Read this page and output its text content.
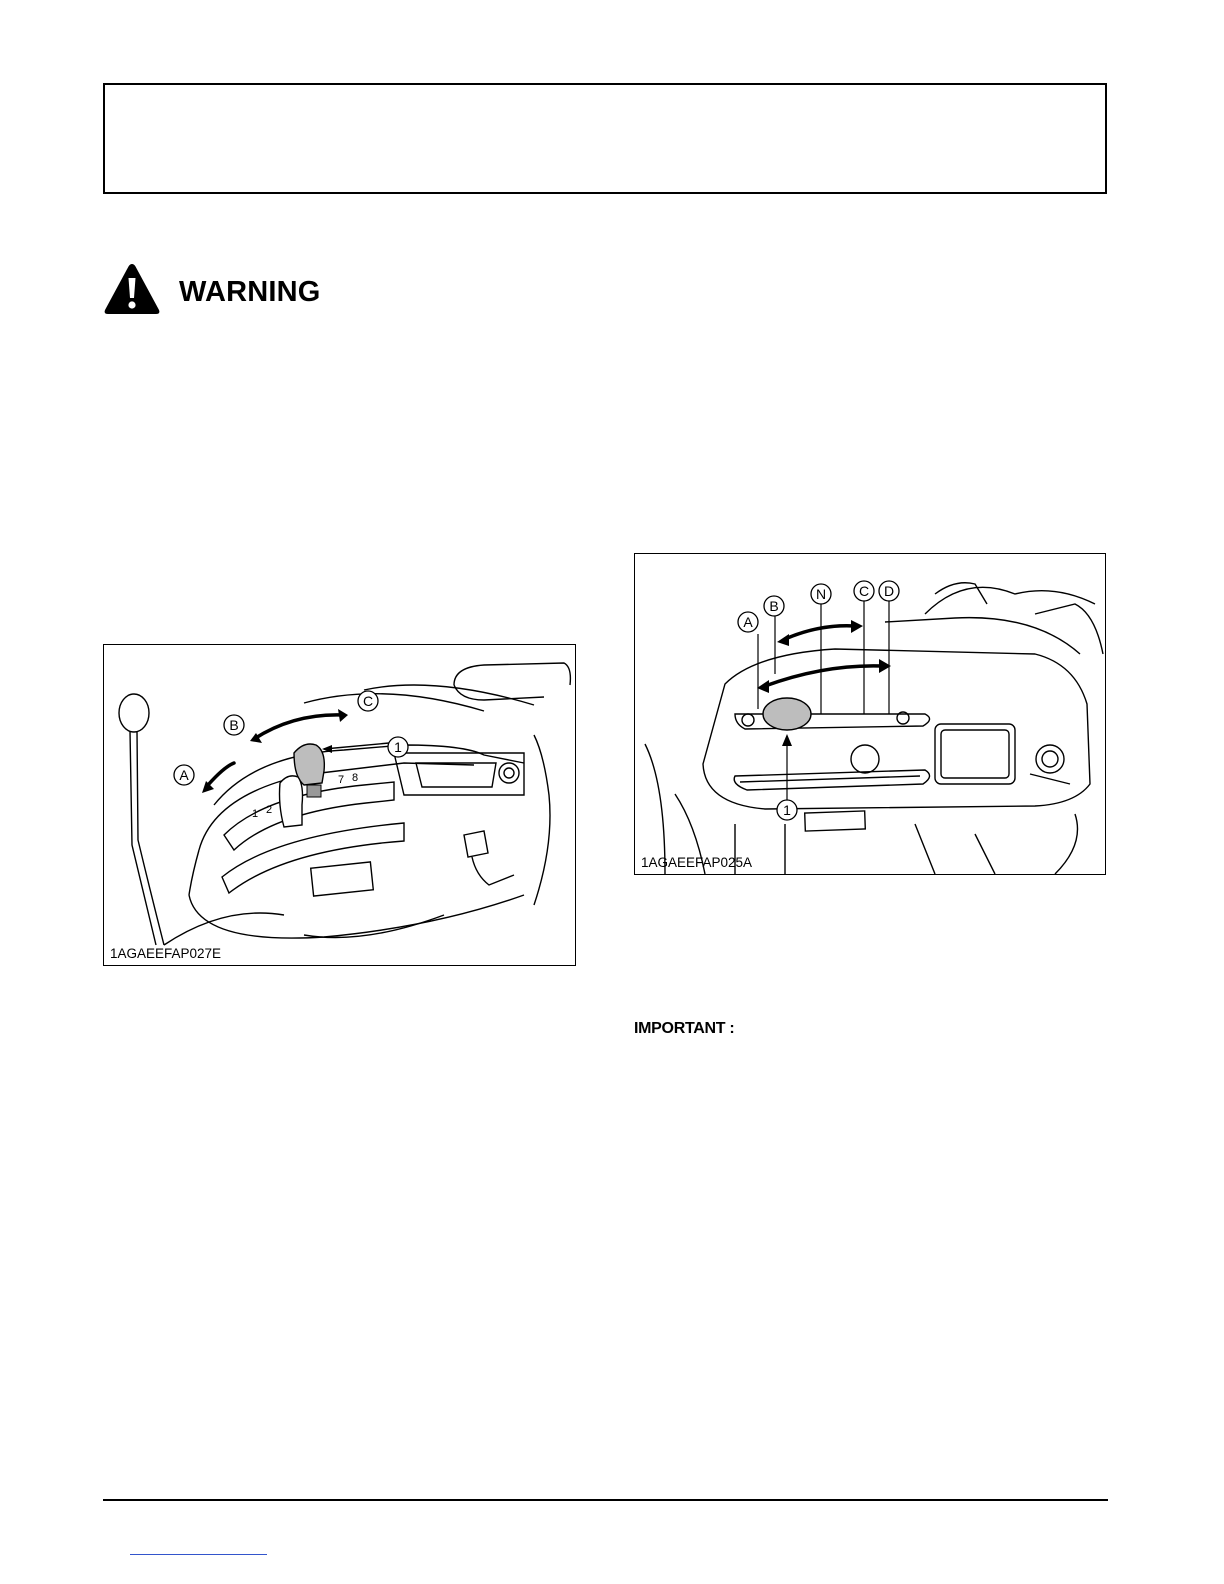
WARNING
7 8
1 2
A
B
C
1
1AGAEEFAP027E
A
B
N C D
1
1AGAEEFAP025A
IMPORTANT :
